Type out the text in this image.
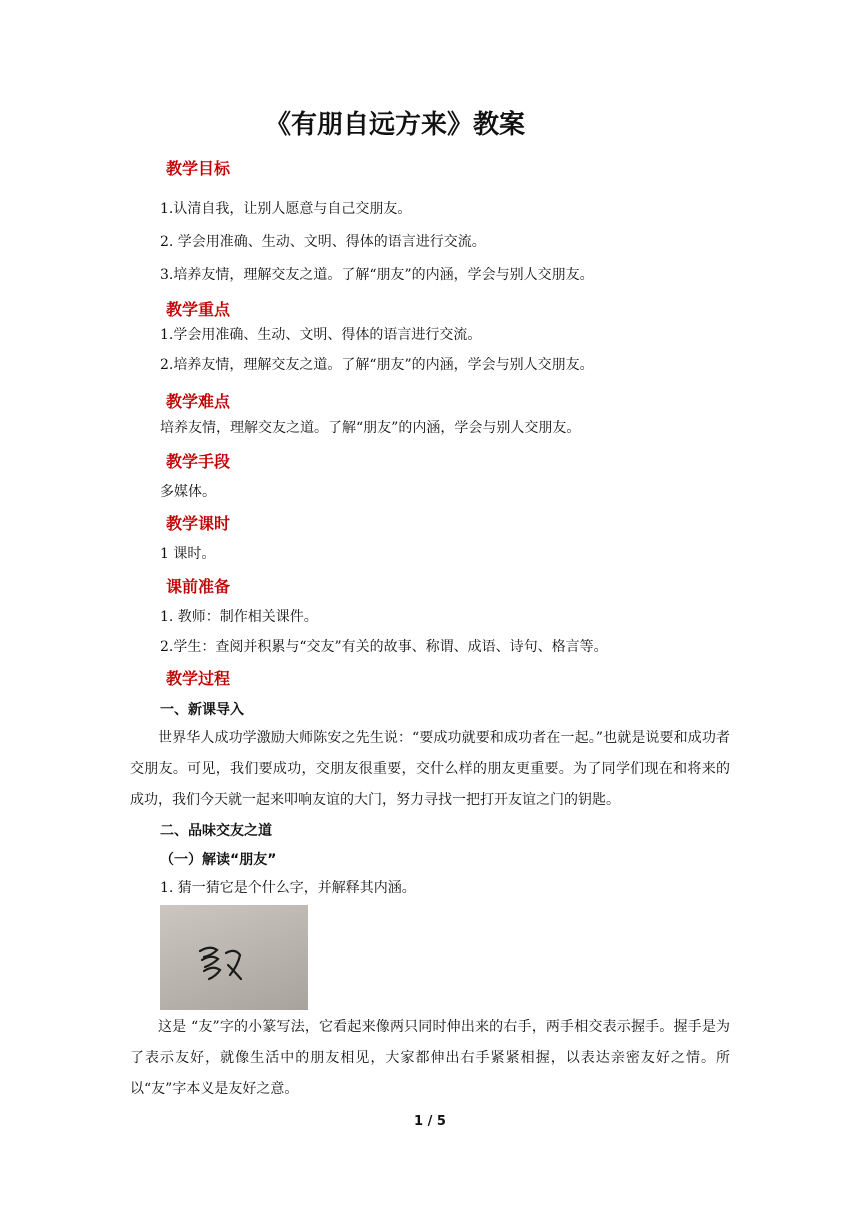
《有朋自远方来》教案
教学目标
1.认清自我，让别人愿意与自己交朋友。
2. 学会用准确、生动、文明、得体的语言进行交流。
3.培养友情，理解交友之道。了解“朋友”的内涵，学会与别人交朋友。
教学重点
1.学会用准确、生动、文明、得体的语言进行交流。
2.培养友情，理解交友之道。了解“朋友”的内涵，学会与别人交朋友。
教学难点
培养友情，理解交友之道。了解“朋友”的内涵，学会与别人交朋友。
教学手段
多媒体。
教学课时
1 课时。
课前准备
1. 教师：制作相关课件。
2.学生：查阅并积累与“交友”有关的故事、称谓、成语、诗句、格言等。
教学过程
一、新课导入
世界华人成功学激励大师陈安之先生说：“要成功就要和成功者在一起。”也就是说要和成功者交朋友。可见，我们要成功，交朋友很重要，交什么样的朋友更重要。为了同学们现在和将来的成功，我们今天就一起来叩响友谊的大门，努力寻找一把打开友谊之门的钥匙。
二、品味交友之道
（一）解读“朋友”
1. 猜一猜它是个什么字，并解释其内涵。
这是 “友”字的小篆写法，它看起来像两只同时伸出来的右手，两手相交表示握手。握手是为了表示友好，就像生活中的朋友相见，大家都伸出右手紧紧相握，以表达亲密友好之情。所以“友”字本义是友好之意。
1 / 5
